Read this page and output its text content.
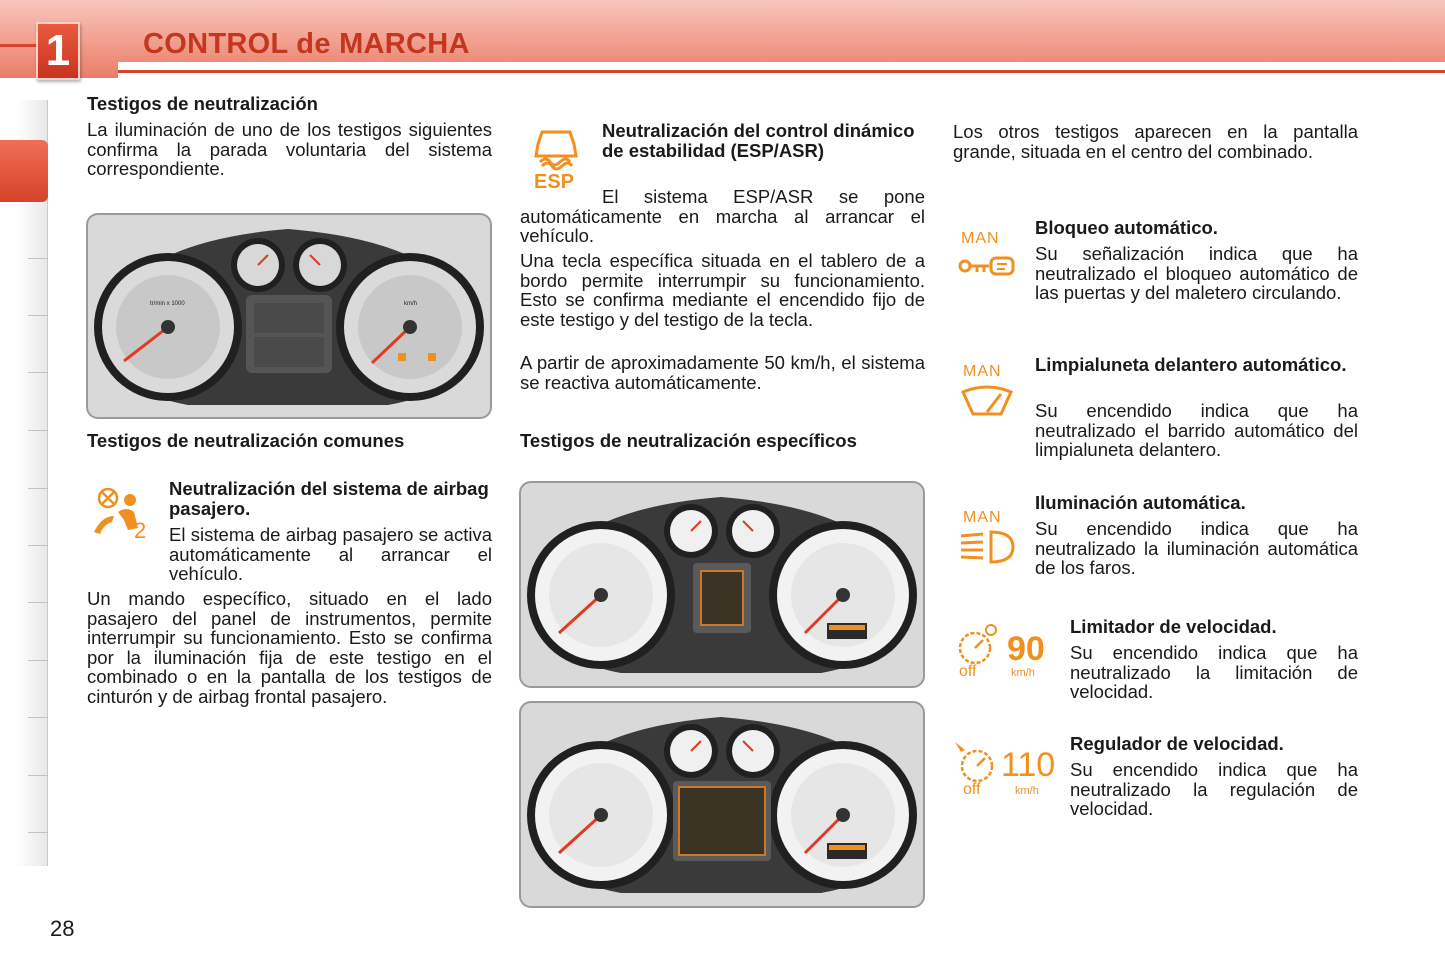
1	CONTROL de MARCHA
Testigos de neutralización
La iluminación de uno de los testigos siguientes confirma la parada voluntaria del sistema correspondiente.
tr/min x 1000	km/h
Testigos de neutralización comunes
2
Neutralización del sistema de airbag pasajero.
El sistema de airbag pasajero se activa automáticamente al arrancar el vehículo.
Un mando específico, situado en el lado pasajero del panel de instrumentos, permite interrumpir su funcionamiento. Esto se confirma por la iluminación fija de este testigo en el combinado o en la pantalla de los testigos de cinturón y de airbag frontal pasajero.
ESP
Neutralización del control dinámico de estabilidad (ESP/ASR)
El sistema ESP/ASR se pone automáticamente en marcha al arrancar el vehículo.
Una tecla específica situada en el tablero de a bordo permite interrumpir su funcionamiento. Esto se confirma mediante el encendido fijo de este testigo y del testigo de la tecla.
A partir de aproximadamente 50 km/h, el sistema se reactiva automáticamente.
Testigos de neutralización específicos
Los otros testigos aparecen en la pantalla grande, situada en el centro del combinado.
MAN
Bloqueo automático.
Su señalización indica que ha neutralizado el bloqueo automático de las puertas y del maletero circulando.
MAN Limpialuneta delantero automático.
Su encendido indica que ha neutralizado el barrido automático del limpialuneta delantero.
MAN
Iluminación automática.
Su encendido indica que ha neutralizado la iluminación automática de los faros.
off
90
km/h
Limitador de velocidad.
Su encendido indica que ha neutralizado la limitación de velocidad.
off
110
km/h
Regulador de velocidad.
Su encendido indica que ha neutralizado la regulación de velocidad.
28
